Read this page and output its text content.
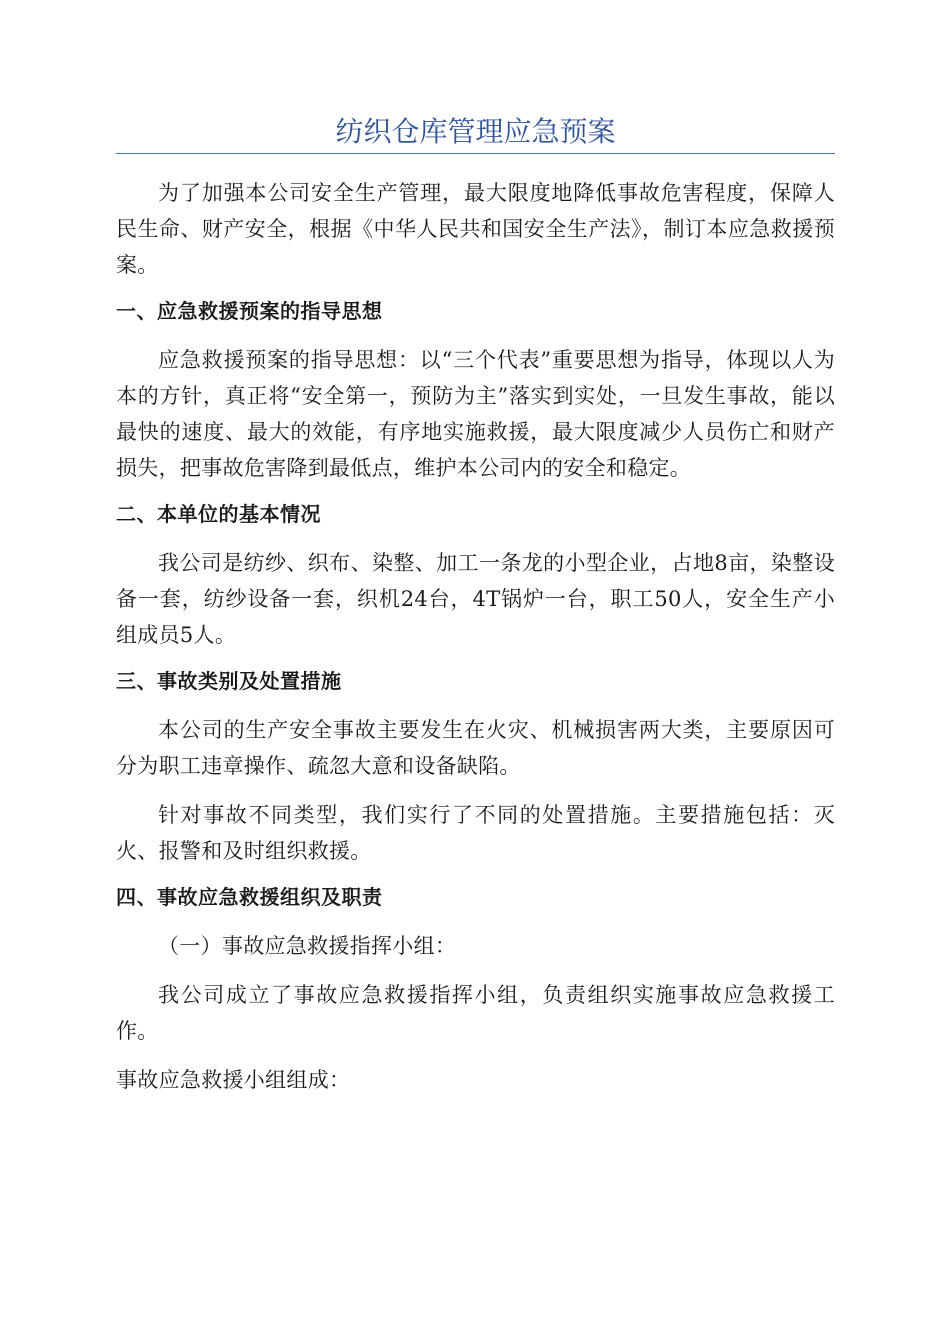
纺织仓库管理应急预案

为了加强本公司安全生产管理，最大限度地降低事故危害程度，保障人民生命、财产安全，根据《中华人民共和国安全生产法》，制订本应急救援预案。

一、应急救援预案的指导思想

应急救援预案的指导思想：以“三个代表”重要思想为指导，体现以人为本的方针，真正将“安全第一，预防为主”落实到实处，一旦发生事故，能以最快的速度、最大的效能，有序地实施救援，最大限度减少人员伤亡和财产损失，把事故危害降到最低点，维护本公司内的安全和稳定。

二、本单位的基本情况

我公司是纺纱、织布、染整、加工一条龙的小型企业，占地8亩，染整设备一套，纺纱设备一套，织机24台，4T锅炉一台，职工50人，安全生产小组成员5人。

三、事故类别及处置措施

本公司的生产安全事故主要发生在火灾、机械损害两大类，主要原因可分为职工违章操作、疏忽大意和设备缺陷。

针对事故不同类型，我们实行了不同的处置措施。主要措施包括：灭火、报警和及时组织救援。

四、事故应急救援组织及职责

（一）事故应急救援指挥小组：

我公司成立了事故应急救援指挥小组，负责组织实施事故应急救援工作。

事故应急救援小组组成：
